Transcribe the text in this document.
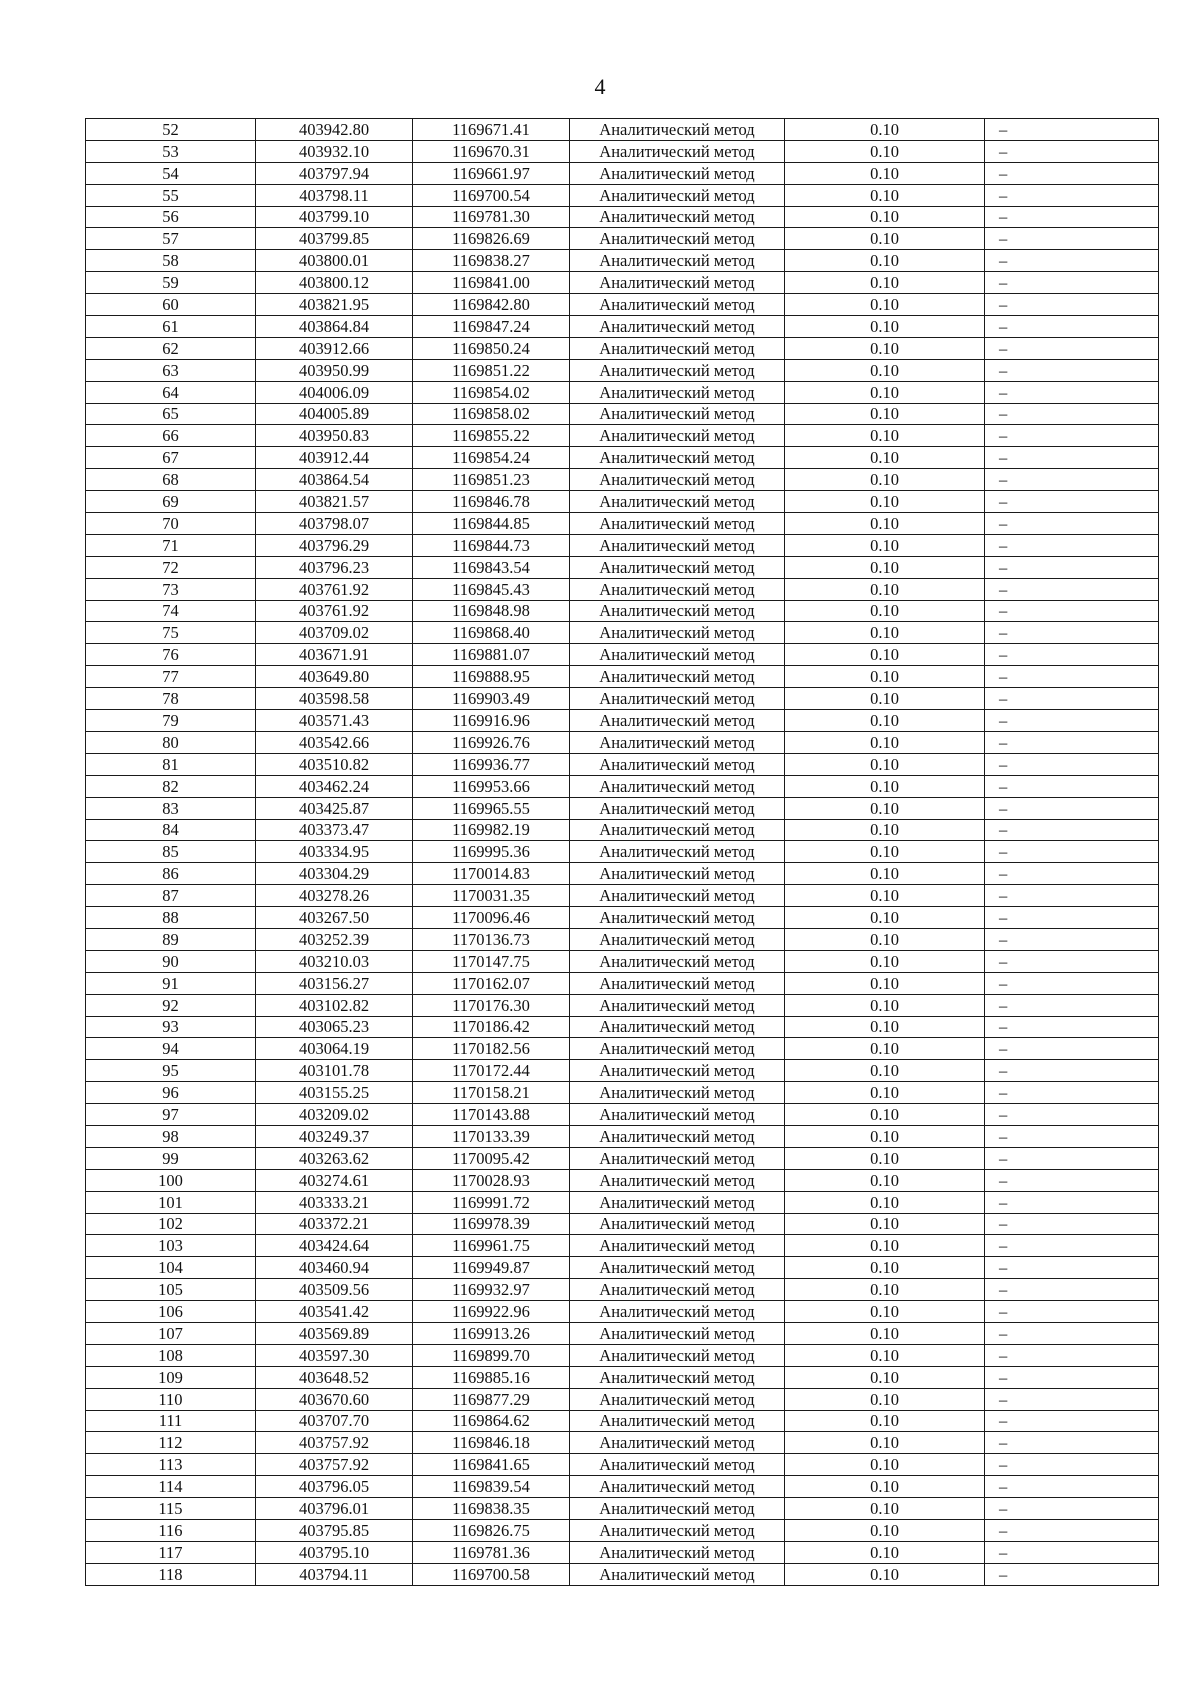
4
52	403942.80	1169671.41	Аналитический метод	0.10	–
53	403932.10	1169670.31	Аналитический метод	0.10	–
54	403797.94	1169661.97	Аналитический метод	0.10	–
55	403798.11	1169700.54	Аналитический метод	0.10	–
56	403799.10	1169781.30	Аналитический метод	0.10	–
57	403799.85	1169826.69	Аналитический метод	0.10	–
58	403800.01	1169838.27	Аналитический метод	0.10	–
59	403800.12	1169841.00	Аналитический метод	0.10	–
60	403821.95	1169842.80	Аналитический метод	0.10	–
61	403864.84	1169847.24	Аналитический метод	0.10	–
62	403912.66	1169850.24	Аналитический метод	0.10	–
63	403950.99	1169851.22	Аналитический метод	0.10	–
64	404006.09	1169854.02	Аналитический метод	0.10	–
65	404005.89	1169858.02	Аналитический метод	0.10	–
66	403950.83	1169855.22	Аналитический метод	0.10	–
67	403912.44	1169854.24	Аналитический метод	0.10	–
68	403864.54	1169851.23	Аналитический метод	0.10	–
69	403821.57	1169846.78	Аналитический метод	0.10	–
70	403798.07	1169844.85	Аналитический метод	0.10	–
71	403796.29	1169844.73	Аналитический метод	0.10	–
72	403796.23	1169843.54	Аналитический метод	0.10	–
73	403761.92	1169845.43	Аналитический метод	0.10	–
74	403761.92	1169848.98	Аналитический метод	0.10	–
75	403709.02	1169868.40	Аналитический метод	0.10	–
76	403671.91	1169881.07	Аналитический метод	0.10	–
77	403649.80	1169888.95	Аналитический метод	0.10	–
78	403598.58	1169903.49	Аналитический метод	0.10	–
79	403571.43	1169916.96	Аналитический метод	0.10	–
80	403542.66	1169926.76	Аналитический метод	0.10	–
81	403510.82	1169936.77	Аналитический метод	0.10	–
82	403462.24	1169953.66	Аналитический метод	0.10	–
83	403425.87	1169965.55	Аналитический метод	0.10	–
84	403373.47	1169982.19	Аналитический метод	0.10	–
85	403334.95	1169995.36	Аналитический метод	0.10	–
86	403304.29	1170014.83	Аналитический метод	0.10	–
87	403278.26	1170031.35	Аналитический метод	0.10	–
88	403267.50	1170096.46	Аналитический метод	0.10	–
89	403252.39	1170136.73	Аналитический метод	0.10	–
90	403210.03	1170147.75	Аналитический метод	0.10	–
91	403156.27	1170162.07	Аналитический метод	0.10	–
92	403102.82	1170176.30	Аналитический метод	0.10	–
93	403065.23	1170186.42	Аналитический метод	0.10	–
94	403064.19	1170182.56	Аналитический метод	0.10	–
95	403101.78	1170172.44	Аналитический метод	0.10	–
96	403155.25	1170158.21	Аналитический метод	0.10	–
97	403209.02	1170143.88	Аналитический метод	0.10	–
98	403249.37	1170133.39	Аналитический метод	0.10	–
99	403263.62	1170095.42	Аналитический метод	0.10	–
100	403274.61	1170028.93	Аналитический метод	0.10	–
101	403333.21	1169991.72	Аналитический метод	0.10	–
102	403372.21	1169978.39	Аналитический метод	0.10	–
103	403424.64	1169961.75	Аналитический метод	0.10	–
104	403460.94	1169949.87	Аналитический метод	0.10	–
105	403509.56	1169932.97	Аналитический метод	0.10	–
106	403541.42	1169922.96	Аналитический метод	0.10	–
107	403569.89	1169913.26	Аналитический метод	0.10	–
108	403597.30	1169899.70	Аналитический метод	0.10	–
109	403648.52	1169885.16	Аналитический метод	0.10	–
110	403670.60	1169877.29	Аналитический метод	0.10	–
111	403707.70	1169864.62	Аналитический метод	0.10	–
112	403757.92	1169846.18	Аналитический метод	0.10	–
113	403757.92	1169841.65	Аналитический метод	0.10	–
114	403796.05	1169839.54	Аналитический метод	0.10	–
115	403796.01	1169838.35	Аналитический метод	0.10	–
116	403795.85	1169826.75	Аналитический метод	0.10	–
117	403795.10	1169781.36	Аналитический метод	0.10	–
118	403794.11	1169700.58	Аналитический метод	0.10	–
